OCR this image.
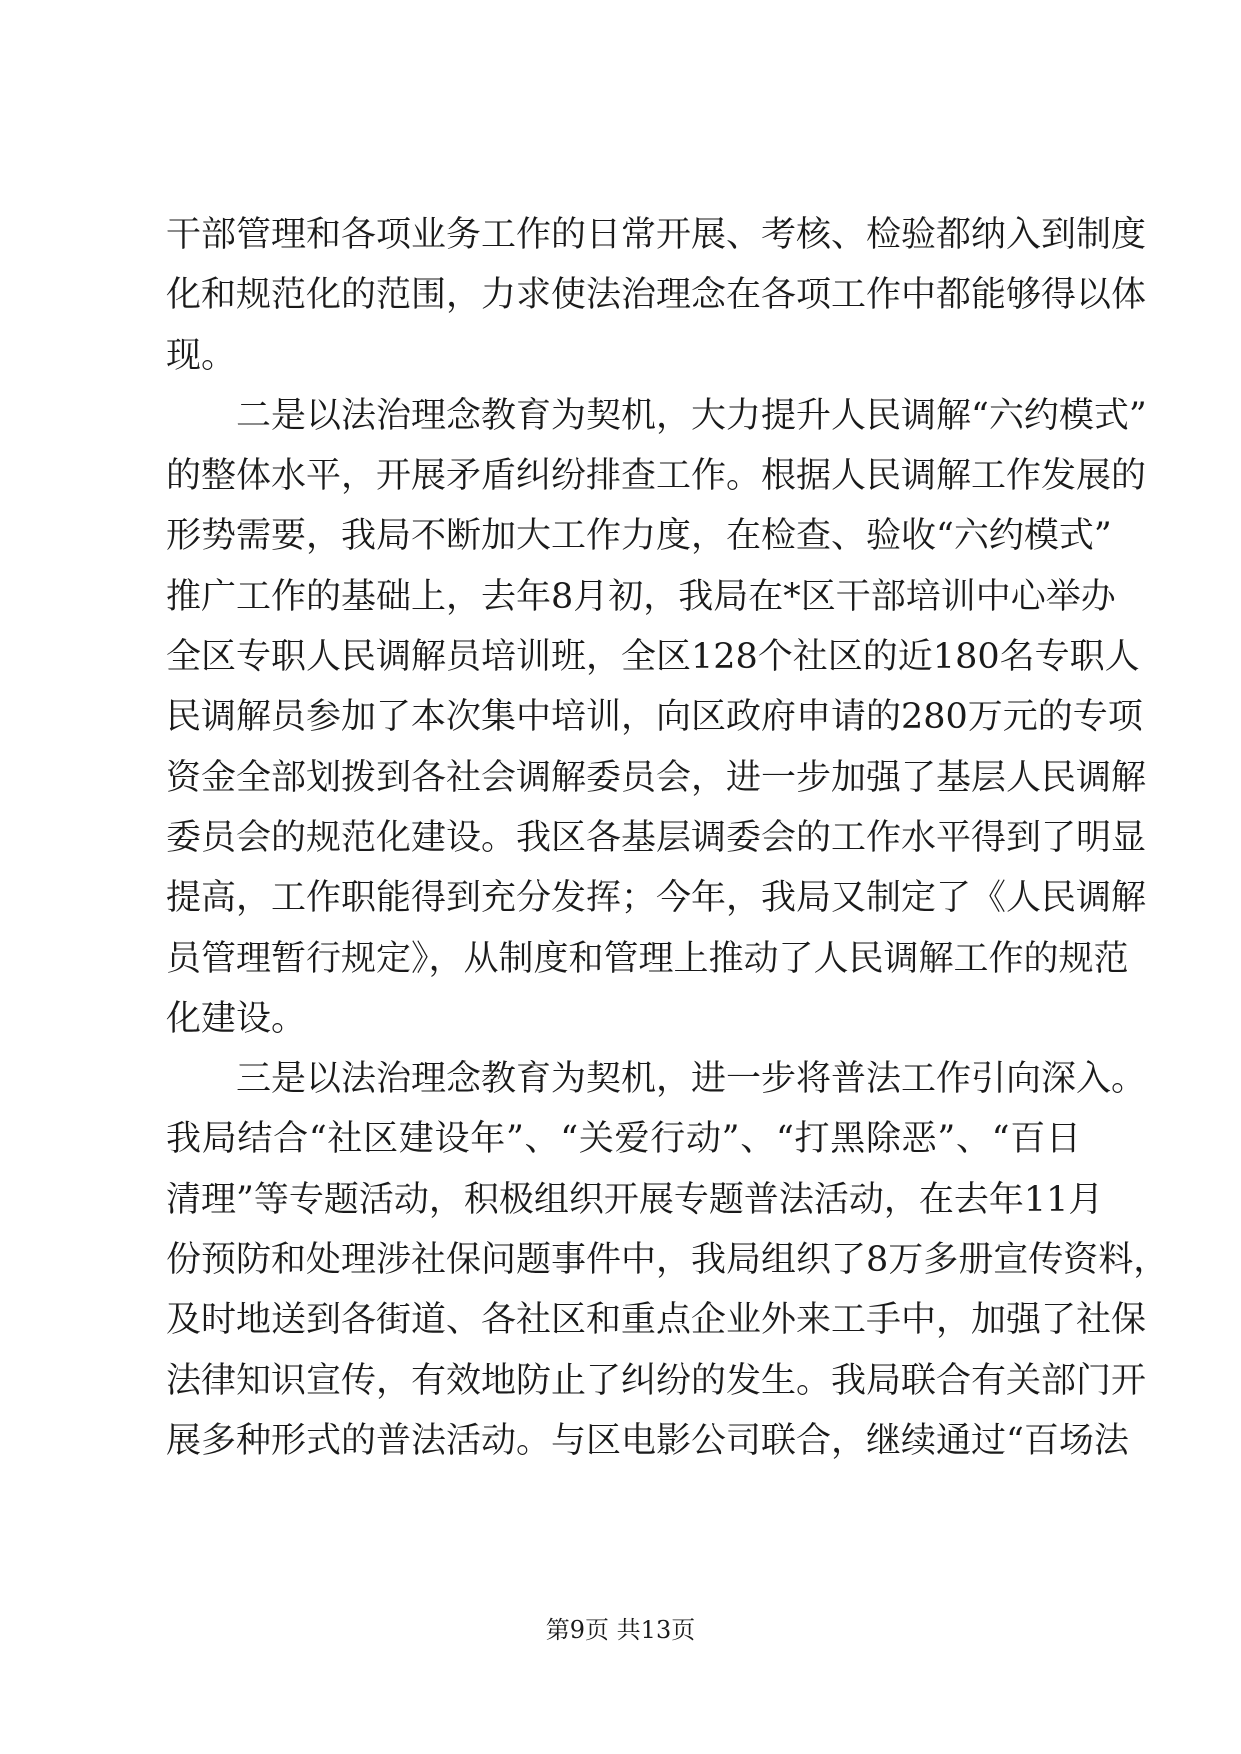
干部管理和各项业务工作的日常开展、考核、检验都纳入到制度
化和规范化的范围，力求使法治理念在各项工作中都能够得以体
现。
二是以法治理念教育为契机，大力提升人民调解“六约模式”
的整体水平，开展矛盾纠纷排查工作。根据人民调解工作发展的
形势需要，我局不断加大工作力度，在检查、验收“六约模式”
推广工作的基础上，去年8月初，我局在*区干部培训中心举办
全区专职人民调解员培训班，全区128个社区的近180名专职人
民调解员参加了本次集中培训，向区政府申请的280万元的专项
资金全部划拨到各社会调解委员会，进一步加强了基层人民调解
委员会的规范化建设。我区各基层调委会的工作水平得到了明显
提高，工作职能得到充分发挥；今年，我局又制定了《人民调解
员管理暂行规定》，从制度和管理上推动了人民调解工作的规范
化建设。
三是以法治理念教育为契机，进一步将普法工作引向深入。
我局结合“社区建设年”、“关爱行动”、“打黑除恶”、“百日
清理”等专题活动，积极组织开展专题普法活动，在去年11月
份预防和处理涉社保问题事件中，我局组织了8万多册宣传资料，
及时地送到各街道、各社区和重点企业外来工手中，加强了社保
法律知识宣传，有效地防止了纠纷的发生。我局联合有关部门开
展多种形式的普法活动。与区电影公司联合，继续通过“百场法
第9页 共13页
